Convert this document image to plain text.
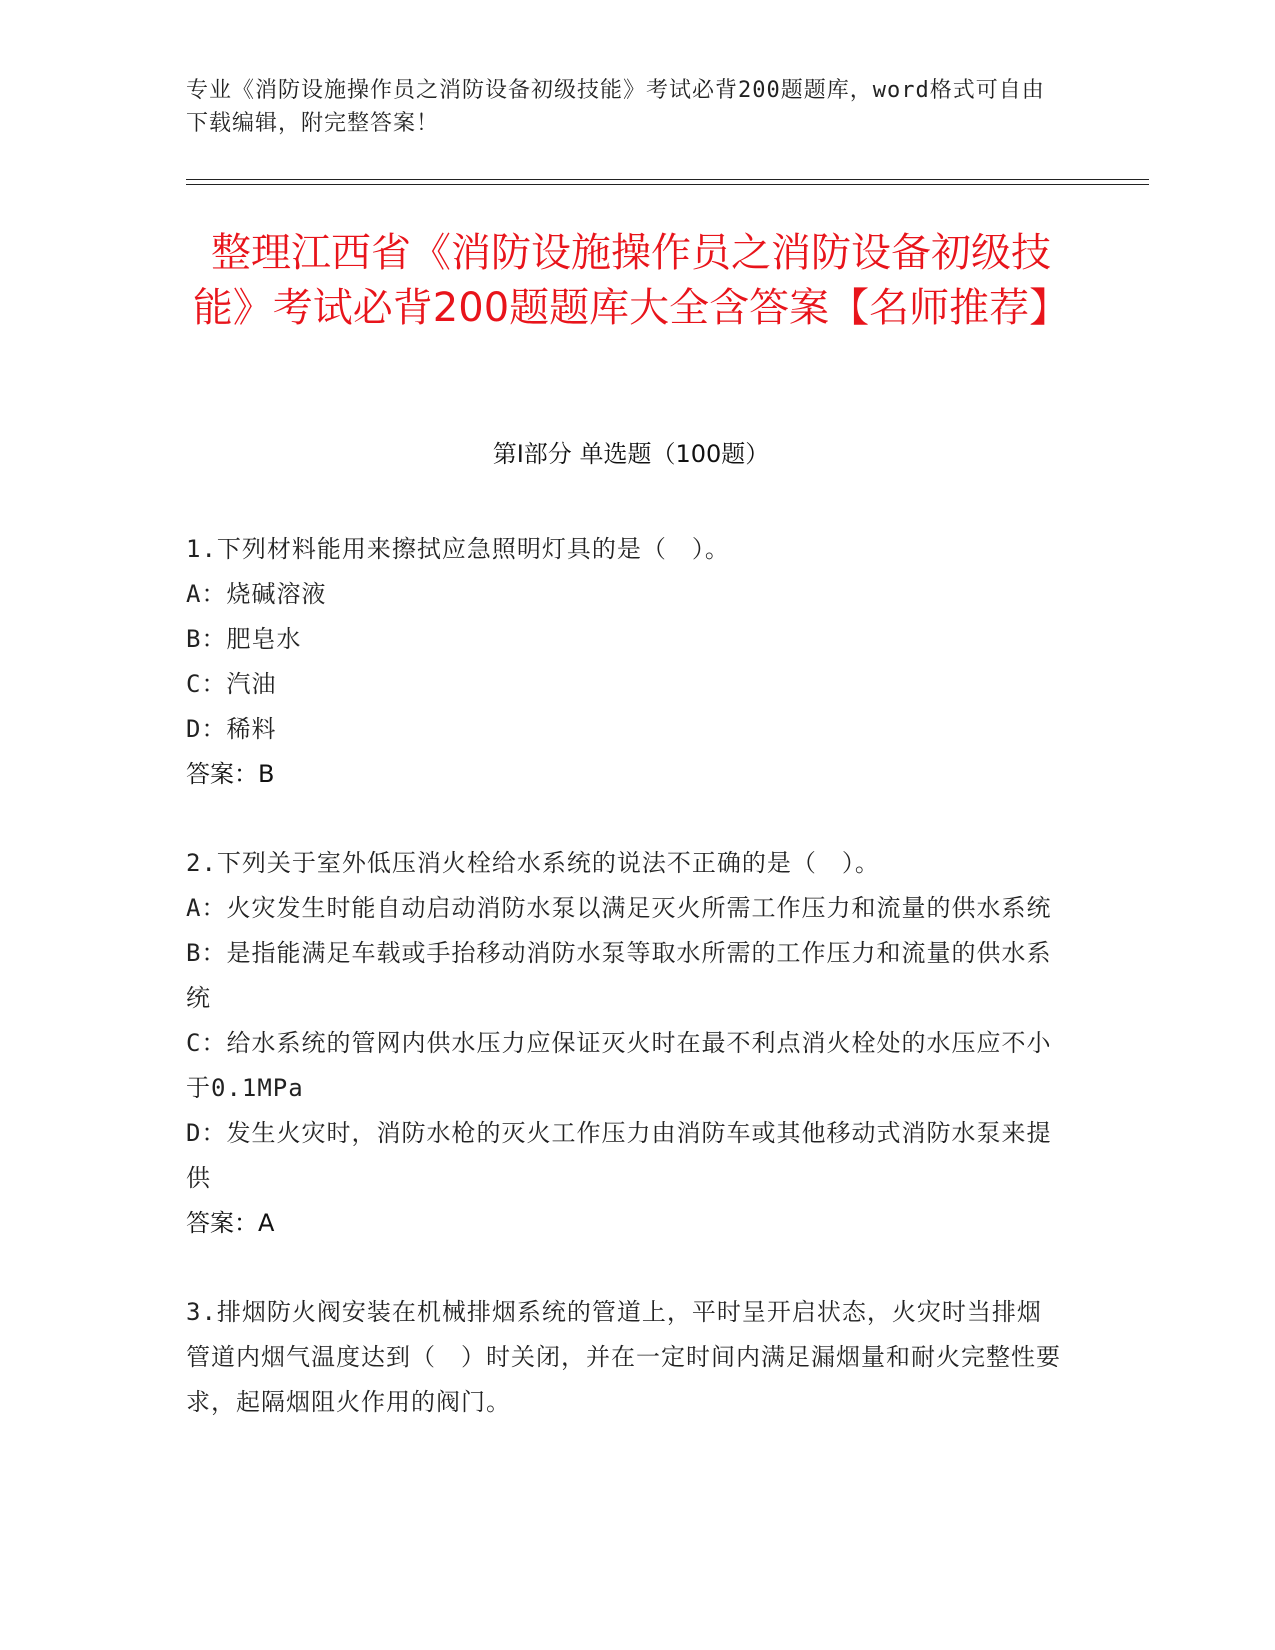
专业《消防设施操作员之消防设备初级技能》考试必背200题题库，word格式可自由下载编辑，附完整答案！

整理江西省《消防设施操作员之消防设备初级技能》考试必背200题题库大全含答案【名师推荐】
第Ⅰ部分 单选题（100题）

1.下列材料能用来擦拭应急照明灯具的是（　）。

A：烧碱溶液

B：肥皂水

C：汽油

D：稀料

答案：B

2.下列关于室外低压消火栓给水系统的说法不正确的是（　）。

A：火灾发生时能自动启动消防水泵以满足灭火所需工作压力和流量的供水系统

B：是指能满足车载或手抬移动消防水泵等取水所需的工作压力和流量的供水系统

C：给水系统的管网内供水压力应保证灭火时在最不利点消火栓处的水压应不小于0.1MPa

D：发生火灾时，消防水枪的灭火工作压力由消防车或其他移动式消防水泵来提供

答案：A

3.排烟防火阀安装在机械排烟系统的管道上，平时呈开启状态，火灾时当排烟管道内烟气温度达到（　）时关闭，并在一定时间内满足漏烟量和耐火完整性要求，起隔烟阻火作用的阀门。
